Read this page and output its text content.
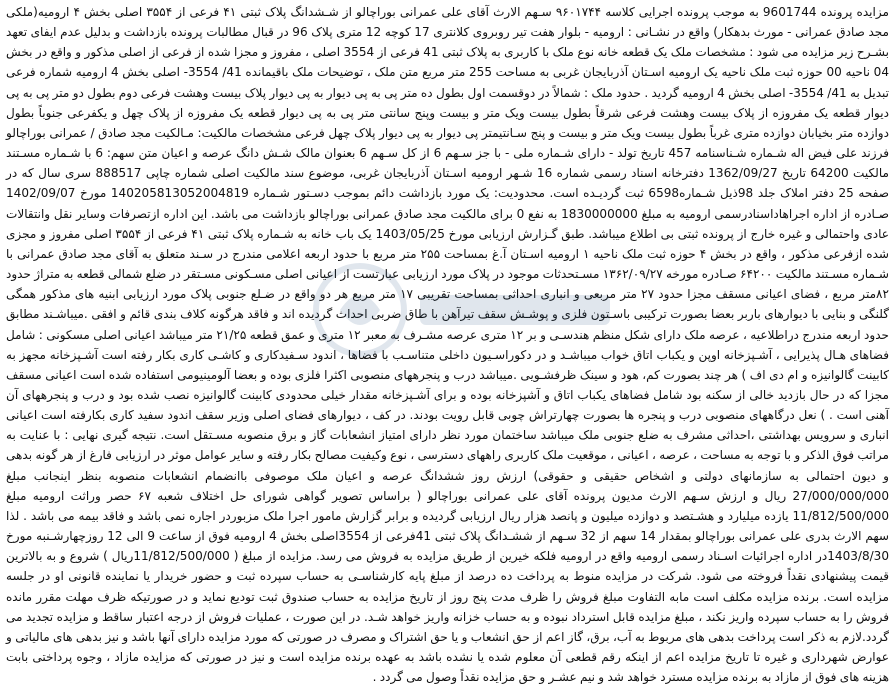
مزایده پرونده 9601744 به موجب پرونده اجرایی کلاسه ۹۶۰۱۷۴۴ سـهم الارث آقای علی عمرانی بوراچالو از شـشدانگ پلاک ثبتی ۴۱ فرعی از ۳۵۵۴ اصلی بخش ۴ ارومیه(ملکی مجد صادق عمرانی - مورث بدهکار) واقع در نشـانی : ارومیه - بلوار هفت تیر روبروی کلانتری 17 کوچه 12 متری پلاک 96 در قبال مطالبات پرونده بازداشت و بدلیل عدم ایفای تعهد بشـرح زیر مزایده می شود : مشخصات ملک یک قطعه خانه نوع ملک با کاربری به پلاک ثبتی 41 فرعی از 3554 اصلی ، مفروز و مجزا شده از فرعی از اصلی مذکور و واقع در بخش 04 ناحیه 00 حوزه ثبت ملک ناحیه یک ارومیه اسـتان آذربایجان غربی به مساحت 255 متر مربع متن ملک ، توضیحات ملک باقیمانده 41/ 3554- اصلی بخش 4 ارومیه شماره فرعی تبدیل به 41/ 3554- اصلی بخش 4 ارومیه گردید . حدود ملک : شمالاً در دوقسمت اول بطول ده متر پی به پی دیوار به پی دیوار پلاک بیست وهشت فرعی دوم بطول دو متر پی به پی دیوار قطعه یک مفروزه از پلاک بیست وهشت فرعی شرقاً بطول بیست ویک متر و بیست وپنج سانتی متر پی به پی دیوار قطعه یک مفروزه از پلاک چهل و یکفرعی جنوباً بطول دوازده متر بخیابان دوازده متری غرباً بطول بیست ویک متر و بیست و پنج سـانتیمتر پی دیوار به پی دیوار پلاک چهل فرعی مشخصات مالکیت: مـالکیت مجد صادق / عمرانی بوراچالو فرزند علی فیض اله شـماره شـناسنامه 457 تاریخ تولد - دارای شـماره ملی - با جز سـهم 6 از کل سـهم 6 بعنوان مالک شـش دانگ عرصه و اعیان متن سهم: 6 با شـماره مسـتند مالکیت 64200 تاریخ 1362/09/27 دفترخانه اسناد رسمی شماره 16 شـهر ارومیه اسـتان آذربایجان غربی، موضوع سند مالکیت اصلی شماره چاپی 888517 سری سال که در صفحه 25 دفتر املاک جلد 98ذیل شـماره6598 ثبت گردیـده است. محدودیت: یک مورد بازداشت دائم بموجب دسـتور شـماره 140205813052004819 مورخ 1402/09/07 صـادره از اداره اجراهاداسنادرسمی ارومیه به مبلغ 1830000000 به نفع 0 برای مالکیت مجد صادق عمرانی بوراچالو بازداشت می باشد. این اداره ازتصرفات وسایر نقل وانتقالات عادی واحتمالی و غیره خارج از پرونده ثبتی بی اطلاع میباشد. طبق گـزارش ارزیابی مورخ 1403/05/25 یک باب خانه به شـماره پلاک ثبتی ۴۱ فرعی از ۳۵۵۴ اصلی مفروز و مجزی شده ازفرعی مذکور ، واقع در بخش ۴ حوزه ثبت ملک ناحیه ۱ ارومیه اسـتان آ.غ بمساحت ۲۵۵ متر مربع با حدود اربعه اعلامی مندرج در سـند متعلق به آقای مجد صادق عمرانی با شـماره مسـتند مالکیت ۶۴۲۰۰ صـادره مورخه ۱۳۶۲/۰۹/۲۷ مسـتحدثات موجود در پلاک مورد ارزیابی عبارتست از اعیانی اصلی مسـکونی مسـتقر در ضلع شمالی قطعه به متراژ حدود ۸۲متر مربع ، فضای اعیانی مسقف مجزا حدود ۲۷ متر مربعی و انباری احداثی بمساحت تقریبی ۱۷ متر مربع هر دو واقع در ضـلع جنوبی پلاک مورد ارزیابی ابنیه های مذکور همگی گلنگی و بنایی با دیوارهای باربر بعضا بصورت ترکیبی باسـتون فلزی و پوشـش سقف تیرآهن با طاق ضربی احداث گردیده اند و فاقد هرگونه کلاف بندی قائم و افقی .میباشـند مطابق حدود اربعه مندرج دراطلاعیه ، عرصه ملک دارای شکل منظم هندسـی و بر ۱۲ متری عرصه مشـرف به معبر ۱۲ متری و عمق قطعه ۲۱/۲۵ متر میباشد اعیانی اصلی مسکونی : شامل فضاهای هـال پذیرایی ، آشـپزخانه اوپن و یکباب اتاق خواب میباشـد و در دکوراسـیون داخلی متناسـب با فضاها ، اندود سـفیدکاری و کاشـی کاری بکار رفته است آشـپزخانه مجهز به کابینت گالوانیزه و ام دی اف ) هر چند بصورت کم، هود و سینک ظرفشـویی .میباشد درب و پنجرههای منصوبی اکثرا فلزی بوده و بعضا آلومینیومی استفاده شده است اعیانی مسقف مجزا که در حال بازدید خالی از سکنه بود شامل فضاهای یکباب اتاق و آشپزخانه بوده و برای آشـپزخانه مقدار خیلی محدودی کابینت گالوانیزه نصب شده بود و درب و پنجرههای آن آهنی است . ) نعل درگاههای منصوبی درب و پنجره ها بصورت چهارتراش چوبی قابل رویت بودند. در کف ، دیوارهای فضای اصلی وزیر سقف اندود سفید کاری بکارفته است اعیانی انباری و سرویس بهداشتی ،احداثی مشرف به ضلع جنوبی ملک میباشد ساختمان مورد نظر دارای امتیاز انشعابات گاز و برق منصوبه مسـتقل است. نتیجه گیری نهایی : با عنایت به مراتب فوق الذکر و با توجه به مساحت ، عرصه ، اعیانی ، موقعیت ملک کاربری راههای دسترسی ، نوع وکیفیت مصالح بکار رفته و سایر عوامل موثر در ارزیابی فارغ از هر گونه بدهی و دیون احتمالی به سازمانهای دولتی و اشخاص حقیقی و حقوقی) ارزش روز ششدانگ عرصه و اعیان ملک موصوفی باانضمام انشعابات منصوبه بنظر اینجانب مبلغ 27/000/000/000 ریال و ارزش سـهم الارث مدیون پرونده آقای علی عمرانی بوراچالو ( براساس تصویر گواهی شورای حل اختلاف شعبه ۶۷ حصر وراثت ارومیه مبلغ 11/812/500/000 یازده میلیارد و هشـتصد و دوازده میلیون و پانصد هزار ریال ارزیابی گردیده و برابر گزارش مامور اجرا ملک مزبوردر اجاره نمی باشد و فاقد بیمه می باشد . لذا سهم الارث بدری علی عمرانی بوراچالو بمقدار 14 سهم از 32 سـهم از ششـدانگ پلاک ثبتی 41فرعی از 3554اصلی بخش 4 ارومیه فوق از ساعت 9 الی 12 روزچهارشـنبه مورخ 1403/8/30در اداره اجرائیات اسـناد رسمی ارومیه واقع در ارومیه فلکه خیرین از طریق مزایده به فروش می رسد. مزایده از مبلغ ( 11/812/500/000ریال ) شروع و به بالاترین قیمت پیشنهادی نقداً فروخته می شود. شرکت در مزایده منوط به پرداخت ده درصد از مبلغ پایه کارشناسـی به حساب سپرده ثبت و حضور خریدار یا نماینده قانونی او در جلسه مزایده است. برنده مزایده مکلف است مابه التفاوت مبلغ فروش را ظرف مدت پنج روز از تاریخ مزایده به حساب صندوق ثبت تودیع نماید و در صورتیکه ظرف مهلت مقرر مانده فروش را به حساب سپرده واریز نکند ، مبلغ مزایده قابل استرداد نبوده و به حساب خزانه واریز خواهد شـد. در این صورت ، عملیات فروش از درجه اعتبار ساقط و مزایده تجدید می گردد.لازم به ذکر است پرداخت بدهی های مربوط به آب، برق، گاز اعم از حق انشعاب و یا حق اشتراک و مصرف در صورتی که مورد مزایده دارای آنها باشد و نیز بدهی های مالیاتی و عوارض شهرداری و غیره تا تاریخ مزایده اعم از اینکه رقم قطعی آن معلوم شده یا نشده باشد به عهده برنده مزایده است و نیز در صورتی که مزایده مازاد ، وجوه پرداختی بابت هزینه های فوق از مازاد به برنده مزایده مسترد خواهد شد و نیم عشـر و حق مزایده نقداً وصول می گردد .
